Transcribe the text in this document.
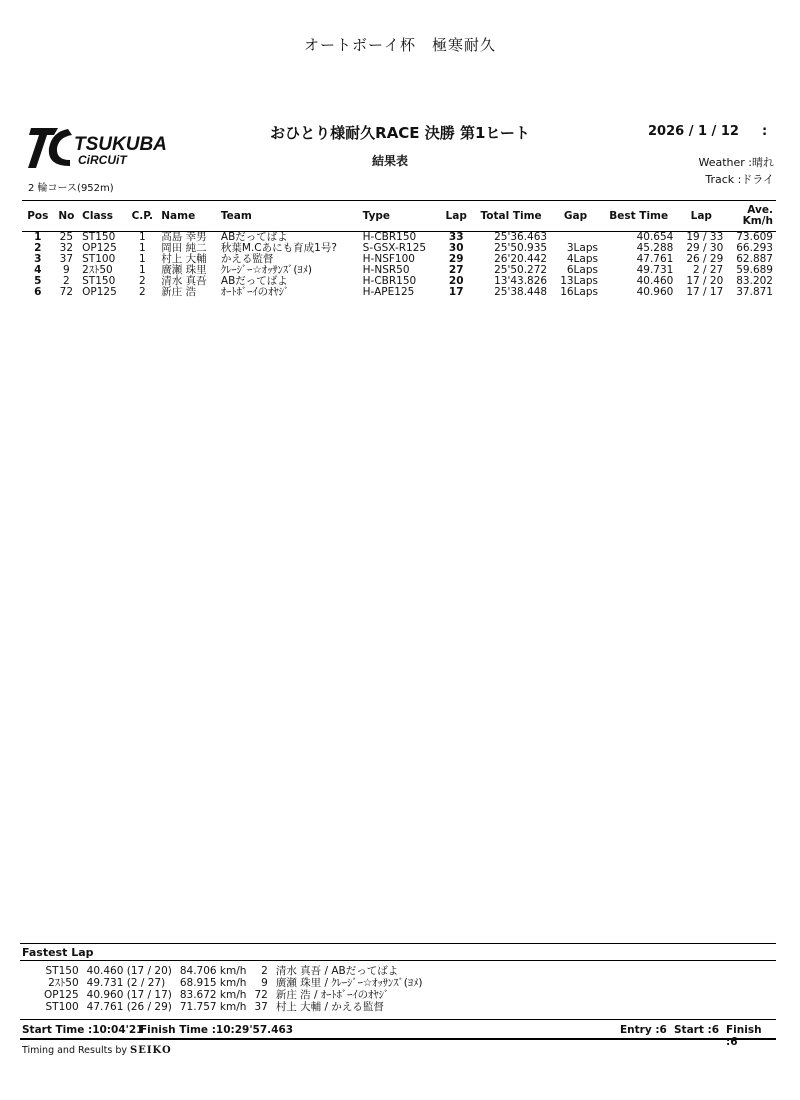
オートボーイ杯　極寒耐久
TSUKUBA
CiRCUiT
TC	おひとり様耐久RACE 決勝 第1ヒート	2026 / 1 / 12 :
結果表	Weather :晴れ
Track :ドライ
2 輪コース(952m)
Pos	No	Class	C.P.	Name	Team	Type	Lap	Total Time	Gap	Best Time	Lap	Ave.
Km/h

1	25	ST150	1	高島 幸男	ABだってばよ	H-CBR150	33	25'36.463		40.654	19 / 33	73.609
2	32	OP125	1	岡田 純二	秋葉M.Cあにも育成1号?	S-GSX-R125	30	25'50.935	3Laps	45.288	29 / 30	66.293
3	37	ST100	1	村上 大輔	かえる監督	H-NSF100	29	26'20.442	4Laps	47.761	26 / 29	62.887
4	9	2ｽﾄ50	1	廣瀬 珠里	ｸﾚｰｼﾞｰ☆ｵｯｻﾝｽﾞ(ﾖﾒ)	H-NSR50	27	25'50.272	6Laps	49.731	2 / 27	59.689
5	2	ST150	2	清水 真吾	ABだってばよ	H-CBR150	20	13'43.826	13Laps	40.460	17 / 20	83.202
6	72	OP125	2	新庄 浩	ｵｰﾄﾎﾞｰｲのｵﾔｼﾞ	H-APE125	17	25'38.448	16Laps	40.960	17 / 17	37.871
Fastest Lap
ST150	40.460 (17 / 20)	84.706 km/h	2	清水 真吾 / ABだってばよ
2ｽﾄ50	49.731 (2 / 27)	68.915 km/h	9	廣瀬 珠里 / ｸﾚｰｼﾞｰ☆ｵｯｻﾝｽﾞ(ﾖﾒ)
OP125	40.960 (17 / 17)	83.672 km/h	72	新庄 浩 / ｵｰﾄﾎﾞｰｲのｵﾔｼﾞ
ST100	47.761 (26 / 29)	71.757 km/h	37	村上 大輔 / かえる監督
Start Time :10:04'21
Finish Time :10:29'57.463	Entry :6 Start :6 Finish :6
Timing and Results by SEIKO
